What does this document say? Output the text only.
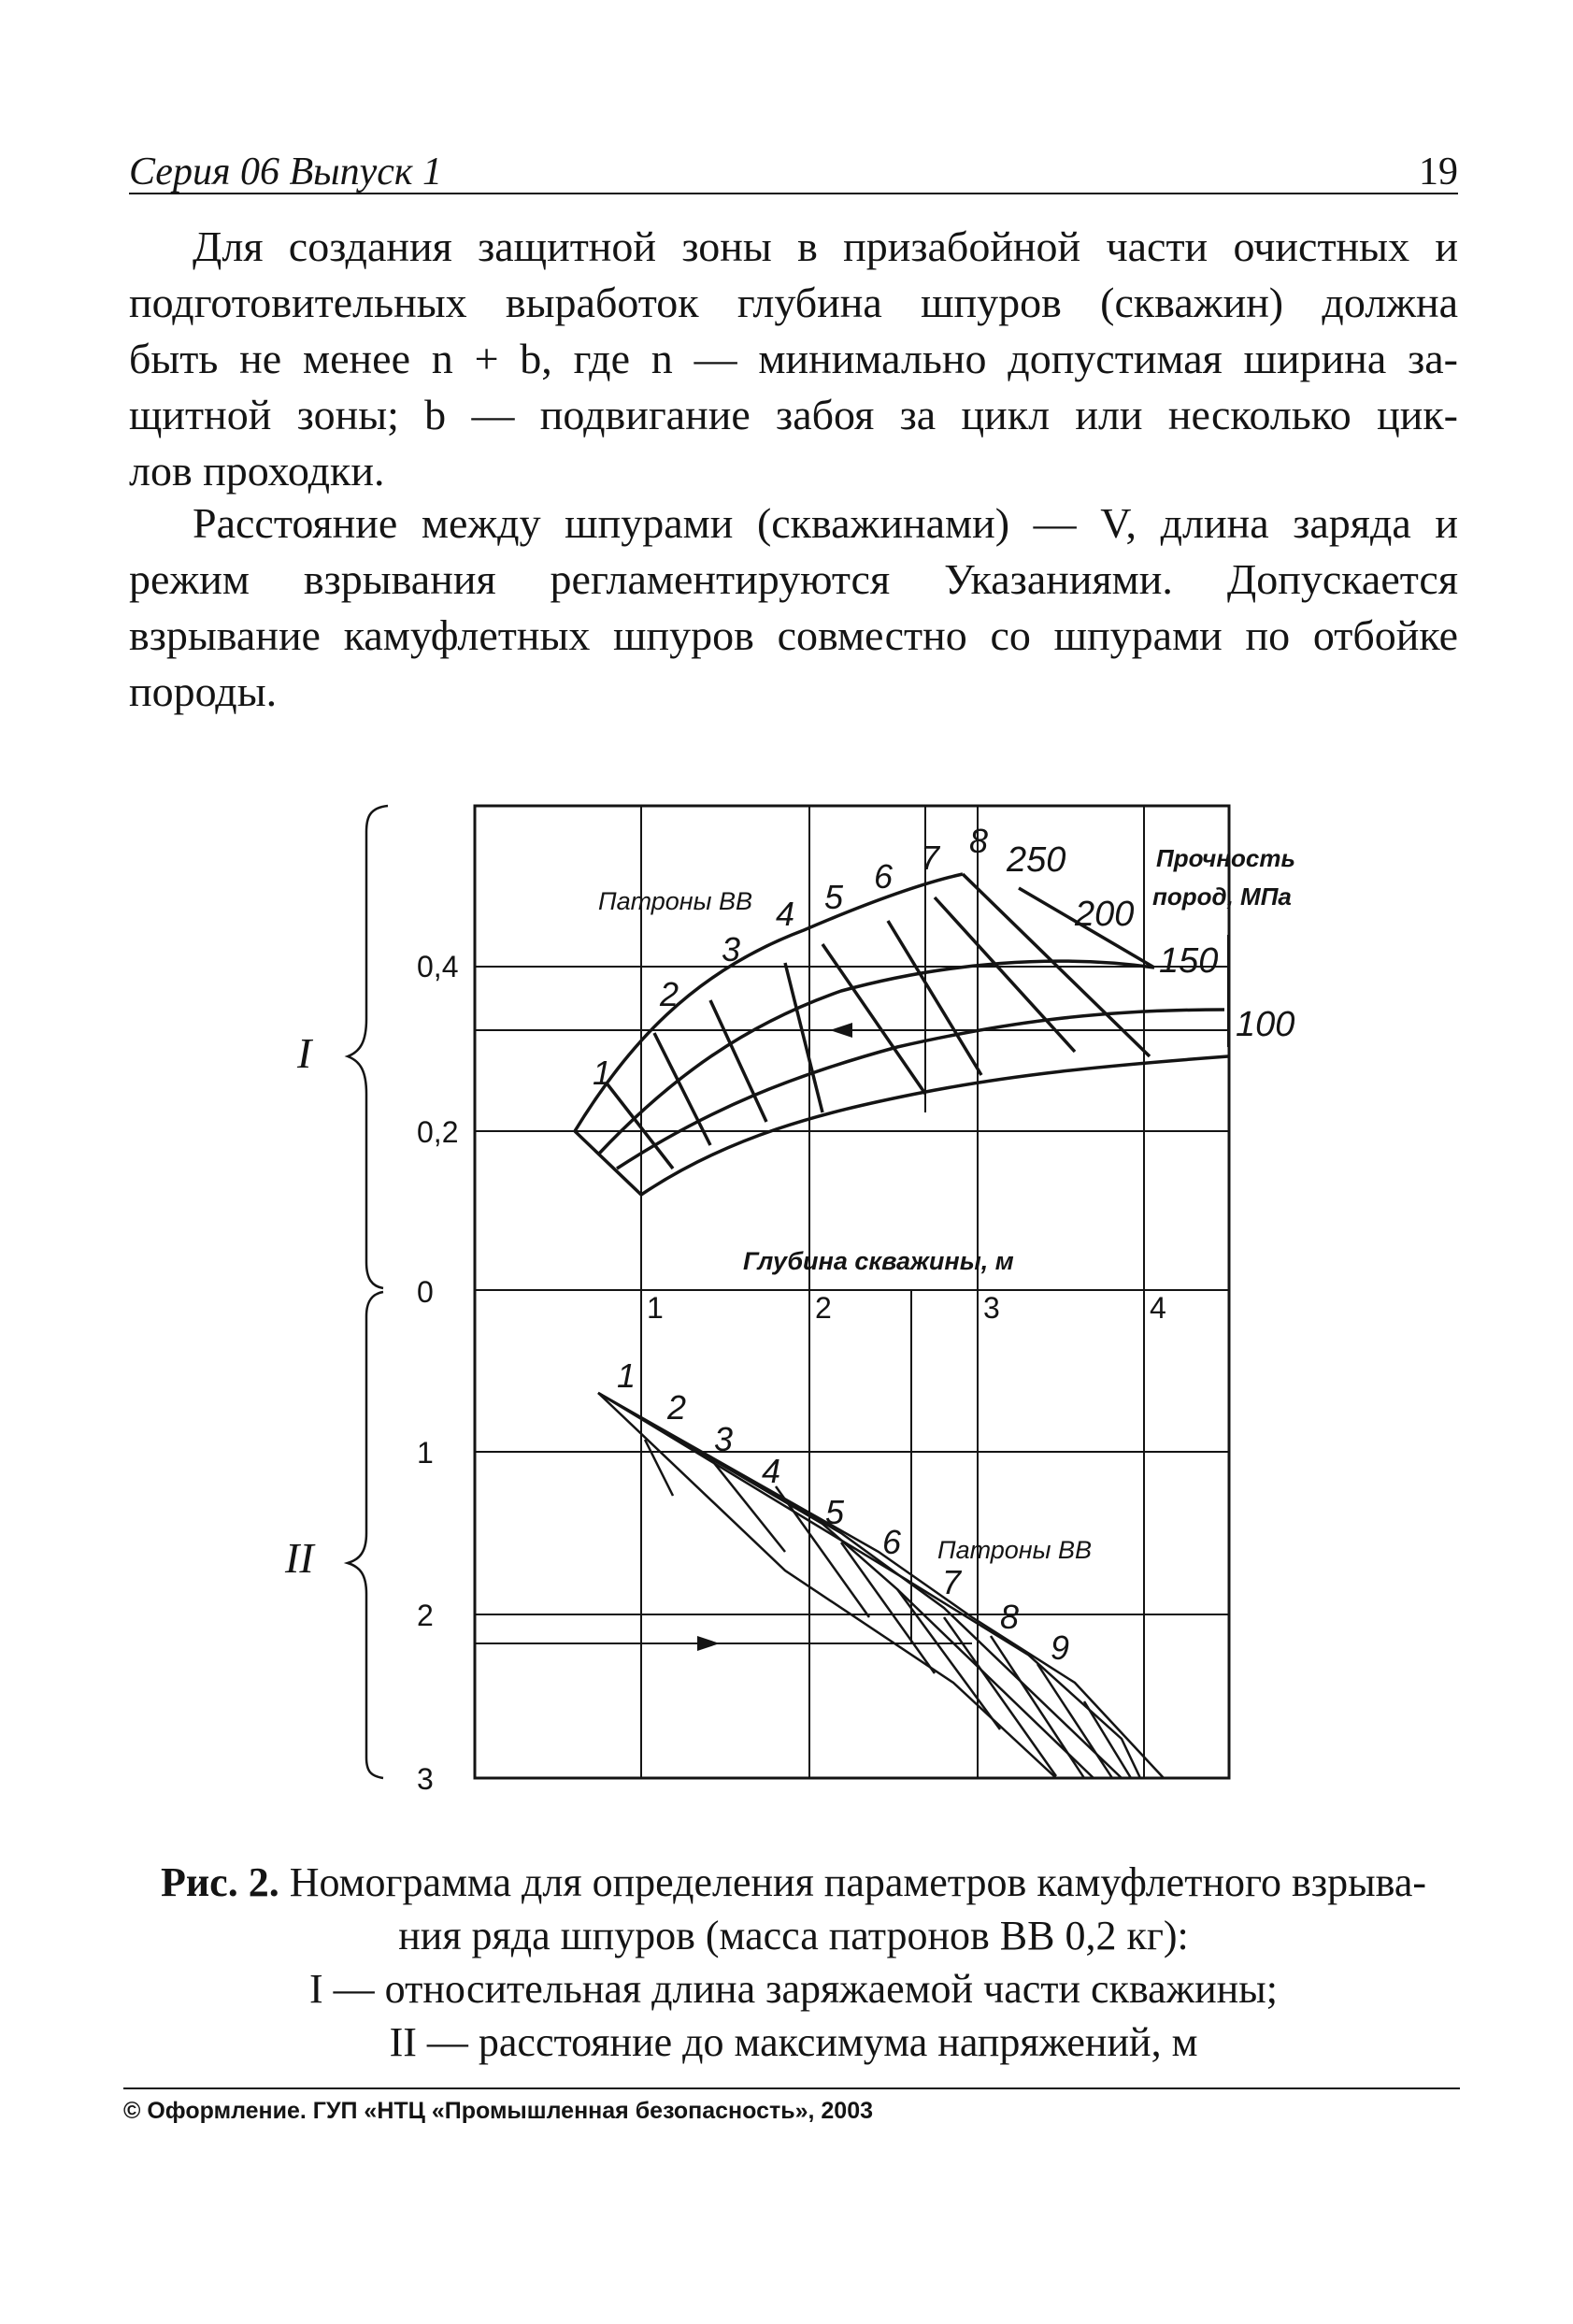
Серия 06 Выпуск 1	19
Для создания защитной зоны в призабойной части очистных и
подготовительных выработок глубина шпуров (скважин) должна
быть не менее n + b, где n — минимально допустимая ширина за-
щитной зоны; b — подвигание забоя за цикл или несколько цик-
лов проходки.
Расстояние между шпурами (скважинами) — V, длина заряда и
режим взрывания регламентируются Указаниями. Допускается
взрывание камуфлетных шпуров совместно со шпурами по отбойке
породы.
0,4
0,2
0
1
2
3
1	2	3	4
I
II
Патроны ВВ
Патроны ВВ
Глубина скважины, м
Прочность
пород, МПа
250
200
150
100
1
2
3
4 5
6 7 8
1
2
3
4
5
6
7
8
9
Рис. 2. Номограмма для определения параметров камуфлетного взрыва-
ния ряда шпуров (масса патронов ВВ 0,2 кг):
I — относительная длина заряжаемой части скважины;
II — расстояние до максимума напряжений, м
© Оформление. ГУП «НТЦ «Промышленная безопасность», 2003
